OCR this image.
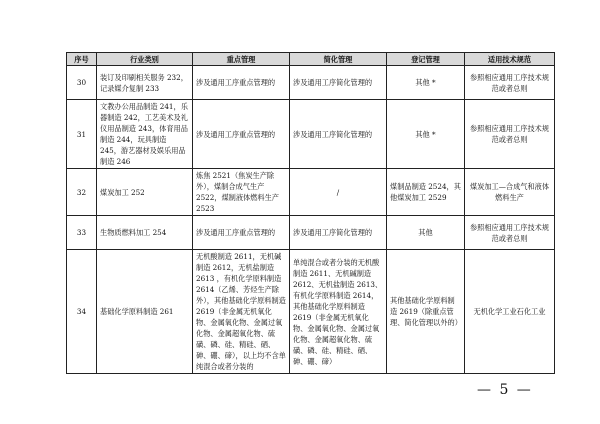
序号	行业类别	重点管理	简化管理	登记管理	适用技术规范
30	装订及印刷相关服务 232，记录媒介复制 233	涉及通用工序重点管理的	涉及通用工序简化管理的	其他 *	参照相应通用工序技术规范或者总则
31	文教办公用品制造 241，乐器制造 242，工艺美术及礼仪用品制造 243，体育用品制造 244，玩具制造 245，游艺器材及娱乐用品制造 246	涉及通用工序重点管理的	涉及通用工序简化管理的	其他 *	参照相应通用工序技术规范或者总则
32	煤炭加工 252	炼焦 2521（焦炭生产除外），煤制合成气生产 2522，煤制液体燃料生产 2523	/	煤制品制造 2524，其他煤炭加工 2529	煤炭加工—合成气和液体燃料生产
33	生物质燃料加工 254	涉及通用工序重点管理的	涉及通用工序简化管理的	其他	参照相应通用工序技术规范或者总则
34	基础化学原料制造 261	无机酸制造 2611，无机碱制造 2612，无机盐制造 2613 ，有机化学原料制造 2614（乙烯、芳烃生产除外），其他基础化学原料制造 2619（非金属无机氧化物、金属氧化物、金属过氧化物、金属超氧化物、硫磺、磷、硅、精硅、硒、砷、硼、碲），以上均不含单纯混合或者分装的	单纯混合或者分装的无机酸制造 2611、无机碱制造 2612、无机盐制造 2613、有机化学原料制造 2614，其他基础化学原料制造 2619（非金属无机氧化物、金属氧化物、金属过氧化物、金属超氧化物、硫磺、磷、硅、精硅、硒、砷、硼、碲）	其他基础化学原料制造 2619（除重点管理、简化管理以外的）	无机化学工业石化工业
— 5 —
